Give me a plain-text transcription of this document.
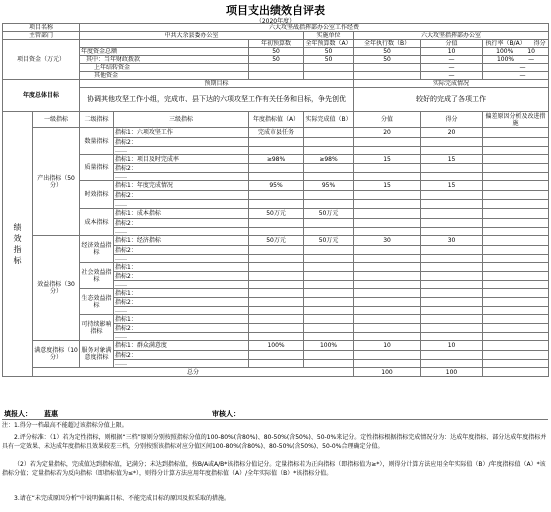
项目支出绩效自评表
（2020年度）
项目名称		六大攻坚战指挥部办公室工作经费						
主管部门		中共大余县委办公室			实施单位	六大攻坚指挥部办公室		
项目资金（万元）				年初预算数	全年预算数（A）	全年执行数（B）	分值	执行率（B/A） 得分
		年度资金总额		50	50	50	10	100% 10
		其中：当年财政拨款		50	50	50	—	100% —
		上年结转资金					—	—
		其他资金					—	—
年度总体目标		预期目标				实际完成情况		
		协调其他攻坚工作小组，完成市、县下达的六项攻坚工作有关任务和目标，争先创优				较好的完成了各项工作		
绩效指标	一级指标	二级指标	三级指标	年度指标值（A）	实际完成值（B）	分值	得分	偏差原因分析及改进措施
	产出指标（50分）	数量指标	指标1：六项攻坚工作	完成市县任务		20	20	
			指标2：					
			……					
		质量指标	指标1：项目及时完成率	≥98%	≥98%	15	15	
			指标2：					
			……					
		时效指标	指标1：年度完成情况	95%	95%	15	15	
			指标2：					
			……					
		成本指标	指标1：成本指标	50万元	50万元			
			指标2：					
			……					
	效益指标（30分）	经济效益指标	指标1：经济指标	50万元	50万元	30	30	
			指标2：					
			……					
		社会效益指标	指标1：					
			指标2：					
			……					
		生态效益指标	指标1：					
			指标2：					
			……					
		可持续影响指标	指标1：					
			指标2：					
			……					
	满意度指标（10分）	服务对象满意度指标	指标1：群众满意度	100%	100%	10	10	
			指标2：					
			……					
	总分					100	100	
填报人： 蓝惠	审核人：
注：1.得分一档最高不能超过该指标分值上限。
2.评分标准：（1）若为定性指标，则根据“三档”原则分别按照指标分值的100-80%(含80%)、80-50%(含50%)、50-0%来记分。定性指标根据指标完成情况分为：达成年度指标、部分达成年度指标并具有一定效果、未达成年度指标且效果较差三档，分别按照该指标对应分值区间100-80%(含80%)、80-50%(含50%)、50-0%合理确定分值。
（2）若为定量指标，完成值达到指标值，记满分；未达到指标值，按B/A或A/B*该指标分值记分。定量指标若为正向指标（即指标值为≥*），则得分计算方法应用全年实际值（B）/年度指标值（A）*该指标分值；定量指标若为反向指标（即指标值为≤*），则得分计算方法应用年度指标值（A）/全年实际值（B）*该指标分值。
3.请在“未完成原因分析”中说明偏离目标、不能完成目标的原因及拟采取的措施。
